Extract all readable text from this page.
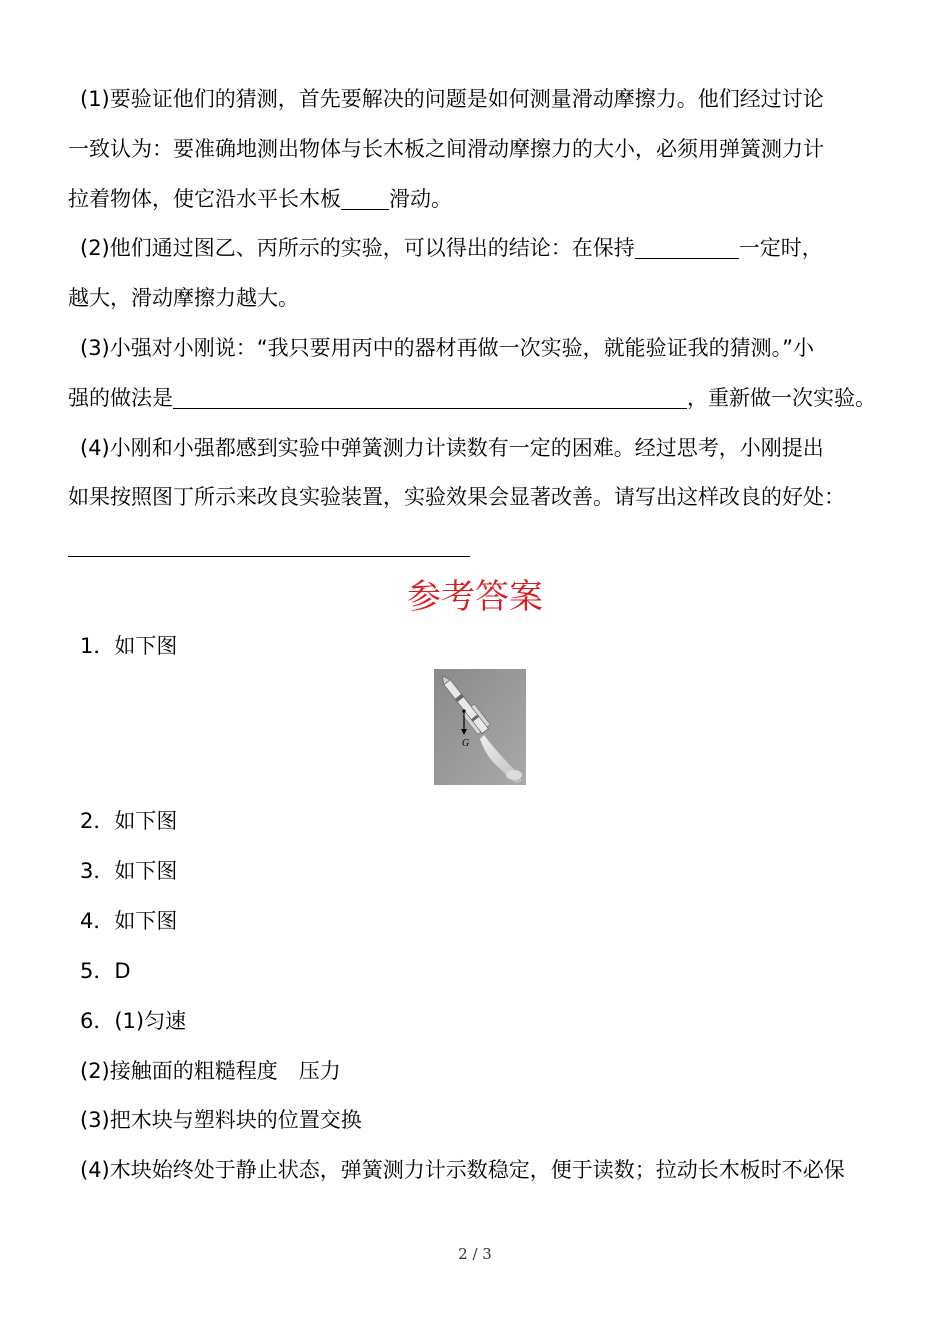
(1)要验证他们的猜测，首先要解决的问题是如何测量滑动摩擦力。他们经过讨论
一致认为：要准确地测出物体与长木板之间滑动摩擦力的大小，必须用弹簧测力计
拉着物体，使它沿水平长木板 滑动。
(2)他们通过图乙、丙所示的实验，可以得出的结论：在保持	一定时，
越大，滑动摩擦力越大。
(3)小强对小刚说：“我只要用丙中的器材再做一次实验，就能验证我的猜测。”小
强的做法是	，重新做一次实验。
(4)小刚和小强都感到实验中弹簧测力计读数有一定的困难。经过思考，小刚提出
如果按照图丁所示来改良实验装置，实验效果会显著改善。请写出这样改良的好处：
参考答案
1．如下图
G
2．如下图
3．如下图
4．如下图
5．D
6．(1)匀速
(2)接触面的粗糙程度　压力
(3)把木块与塑料块的位置交换
(4)木块始终处于静止状态，弹簧测力计示数稳定，便于读数；拉动长木板时不必保
2 / 3
